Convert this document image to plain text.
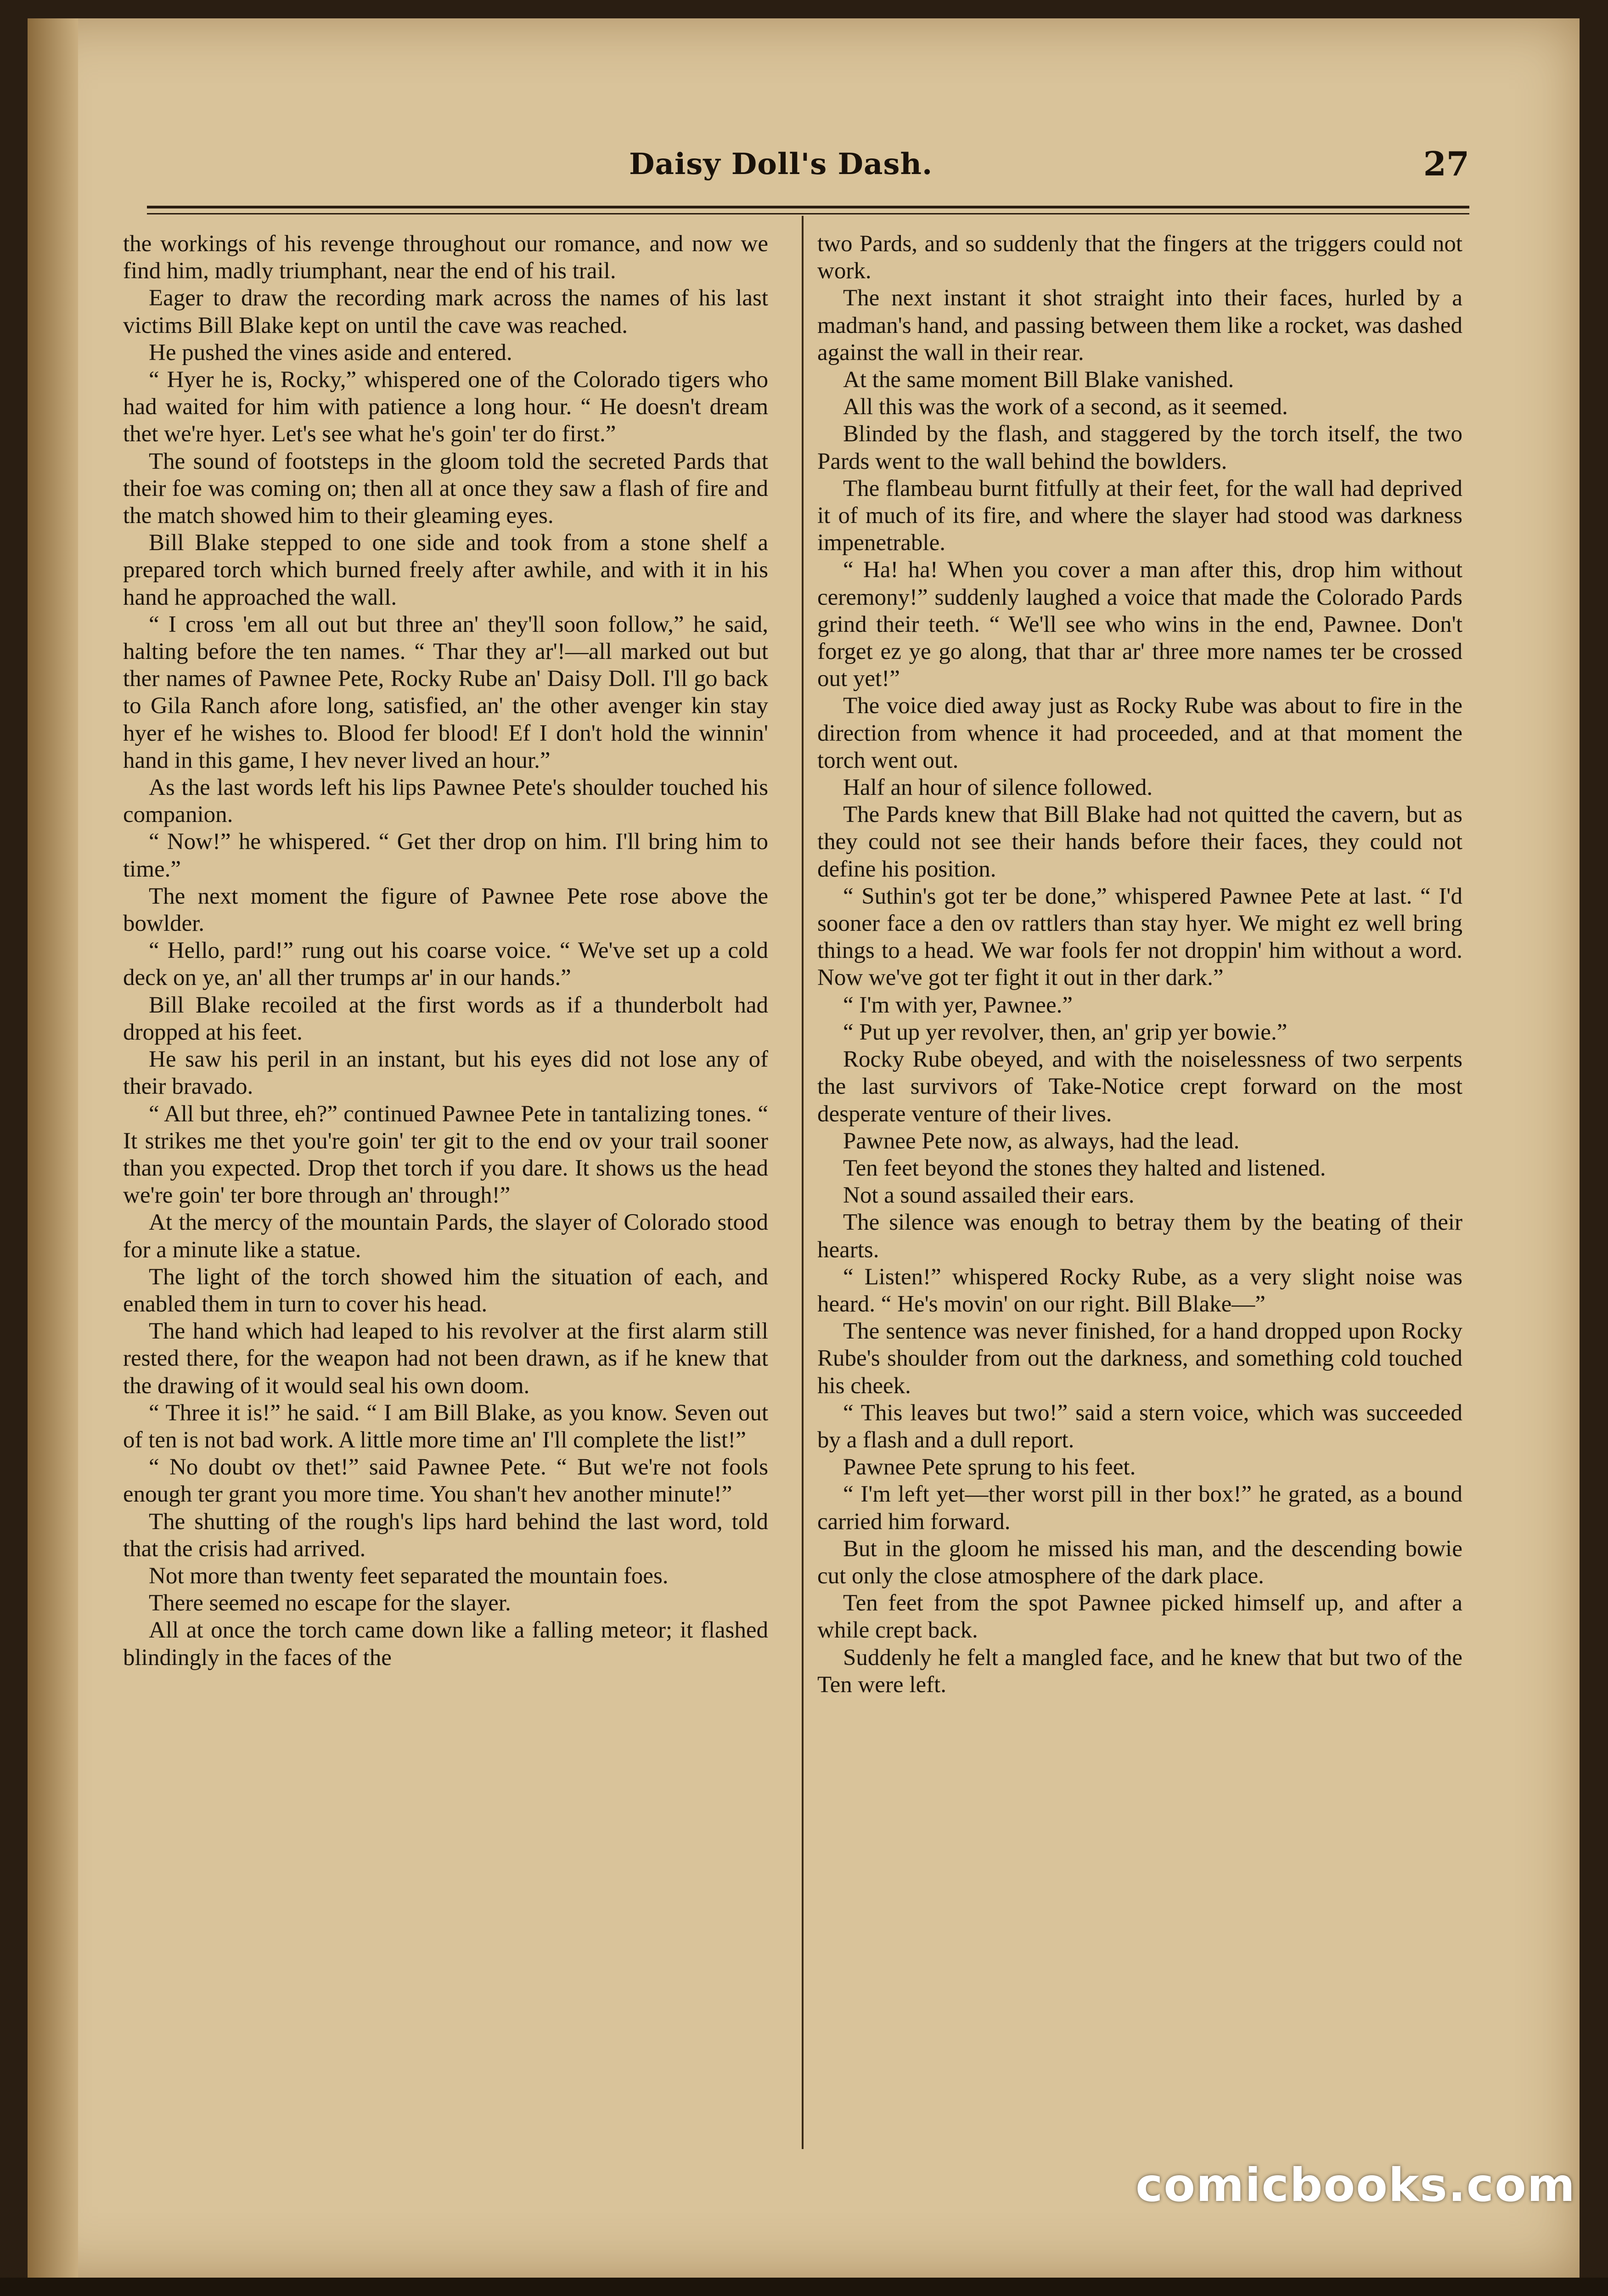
Daisy Doll's Dash.	27

the workings of his revenge throughout our romance, and now we find him, madly triumphant, near the end of his trail.

Eager to draw the recording mark across the names of his last victims Bill Blake kept on until the cave was reached.

He pushed the vines aside and entered.

“ Hyer he is, Rocky,” whispered one of the Colorado tigers who had waited for him with patience a long hour. “ He doesn't dream thet we're hyer. Let's see what he's goin' ter do first.”

The sound of footsteps in the gloom told the secreted Pards that their foe was coming on; then all at once they saw a flash of fire and the match showed him to their gleaming eyes.

Bill Blake stepped to one side and took from a stone shelf a prepared torch which burned freely after awhile, and with it in his hand he approached the wall.

“ I cross 'em all out but three an' they'll soon follow,” he said, halting before the ten names. “ Thar they ar'!—all marked out but ther names of Pawnee Pete, Rocky Rube an' Daisy Doll. I'll go back to Gila Ranch afore long, satisfied, an' the other avenger kin stay hyer ef he wishes to. Blood fer blood! Ef I don't hold the winnin' hand in this game, I hev never lived an hour.”

As the last words left his lips Pawnee Pete's shoulder touched his companion.

“ Now!” he whispered. “ Get ther drop on him. I'll bring him to time.”

The next moment the figure of Pawnee Pete rose above the bowlder.

“ Hello, pard!” rung out his coarse voice. “ We've set up a cold deck on ye, an' all ther trumps ar' in our hands.”

Bill Blake recoiled at the first words as if a thunderbolt had dropped at his feet.

He saw his peril in an instant, but his eyes did not lose any of their bravado.

“ All but three, eh?” continued Pawnee Pete in tantalizing tones. “ It strikes me thet you're goin' ter git to the end ov your trail sooner than you expected. Drop thet torch if you dare. It shows us the head we're goin' ter bore through an' through!”

At the mercy of the mountain Pards, the slayer of Colorado stood for a minute like a statue.

The light of the torch showed him the situation of each, and enabled them in turn to cover his head.

The hand which had leaped to his revolver at the first alarm still rested there, for the weapon had not been drawn, as if he knew that the drawing of it would seal his own doom.

“ Three it is!” he said. “ I am Bill Blake, as you know. Seven out of ten is not bad work. A little more time an' I'll complete the list!”

“ No doubt ov thet!” said Pawnee Pete. “ But we're not fools enough ter grant you more time. You shan't hev another minute!”

The shutting of the rough's lips hard behind the last word, told that the crisis had arrived.

Not more than twenty feet separated the mountain foes.

There seemed no escape for the slayer.

All at once the torch came down like a falling meteor; it flashed blindingly in the faces of the

two Pards, and so suddenly that the fingers at the triggers could not work.

The next instant it shot straight into their faces, hurled by a madman's hand, and passing between them like a rocket, was dashed against the wall in their rear.

At the same moment Bill Blake vanished.

All this was the work of a second, as it seemed.

Blinded by the flash, and staggered by the torch itself, the two Pards went to the wall behind the bowlders.

The flambeau burnt fitfully at their feet, for the wall had deprived it of much of its fire, and where the slayer had stood was darkness impenetrable.

“ Ha! ha! When you cover a man after this, drop him without ceremony!” suddenly laughed a voice that made the Colorado Pards grind their teeth. “ We'll see who wins in the end, Pawnee. Don't forget ez ye go along, that thar ar' three more names ter be crossed out yet!”

The voice died away just as Rocky Rube was about to fire in the direction from whence it had proceeded, and at that moment the torch went out.

Half an hour of silence followed.

The Pards knew that Bill Blake had not quitted the cavern, but as they could not see their hands before their faces, they could not define his position.

“ Suthin's got ter be done,” whispered Pawnee Pete at last. “ I'd sooner face a den ov rattlers than stay hyer. We might ez well bring things to a head. We war fools fer not droppin' him without a word. Now we've got ter fight it out in ther dark.”

“ I'm with yer, Pawnee.”

“ Put up yer revolver, then, an' grip yer bowie.”

Rocky Rube obeyed, and with the noiselessness of two serpents the last survivors of Take-Notice crept forward on the most desperate venture of their lives.

Pawnee Pete now, as always, had the lead.

Ten feet beyond the stones they halted and listened.

Not a sound assailed their ears.

The silence was enough to betray them by the beating of their hearts.

“ Listen!” whispered Rocky Rube, as a very slight noise was heard. “ He's movin' on our right. Bill Blake—”

The sentence was never finished, for a hand dropped upon Rocky Rube's shoulder from out the darkness, and something cold touched his cheek.

“ This leaves but two!” said a stern voice, which was succeeded by a flash and a dull report.

Pawnee Pete sprung to his feet.

“ I'm left yet—ther worst pill in ther box!” he grated, as a bound carried him forward.

But in the gloom he missed his man, and the descending bowie cut only the close atmosphere of the dark place.

Ten feet from the spot Pawnee picked himself up, and after a while crept back.

Suddenly he felt a mangled face, and he knew that but two of the Ten were left.

comicbooks.com
